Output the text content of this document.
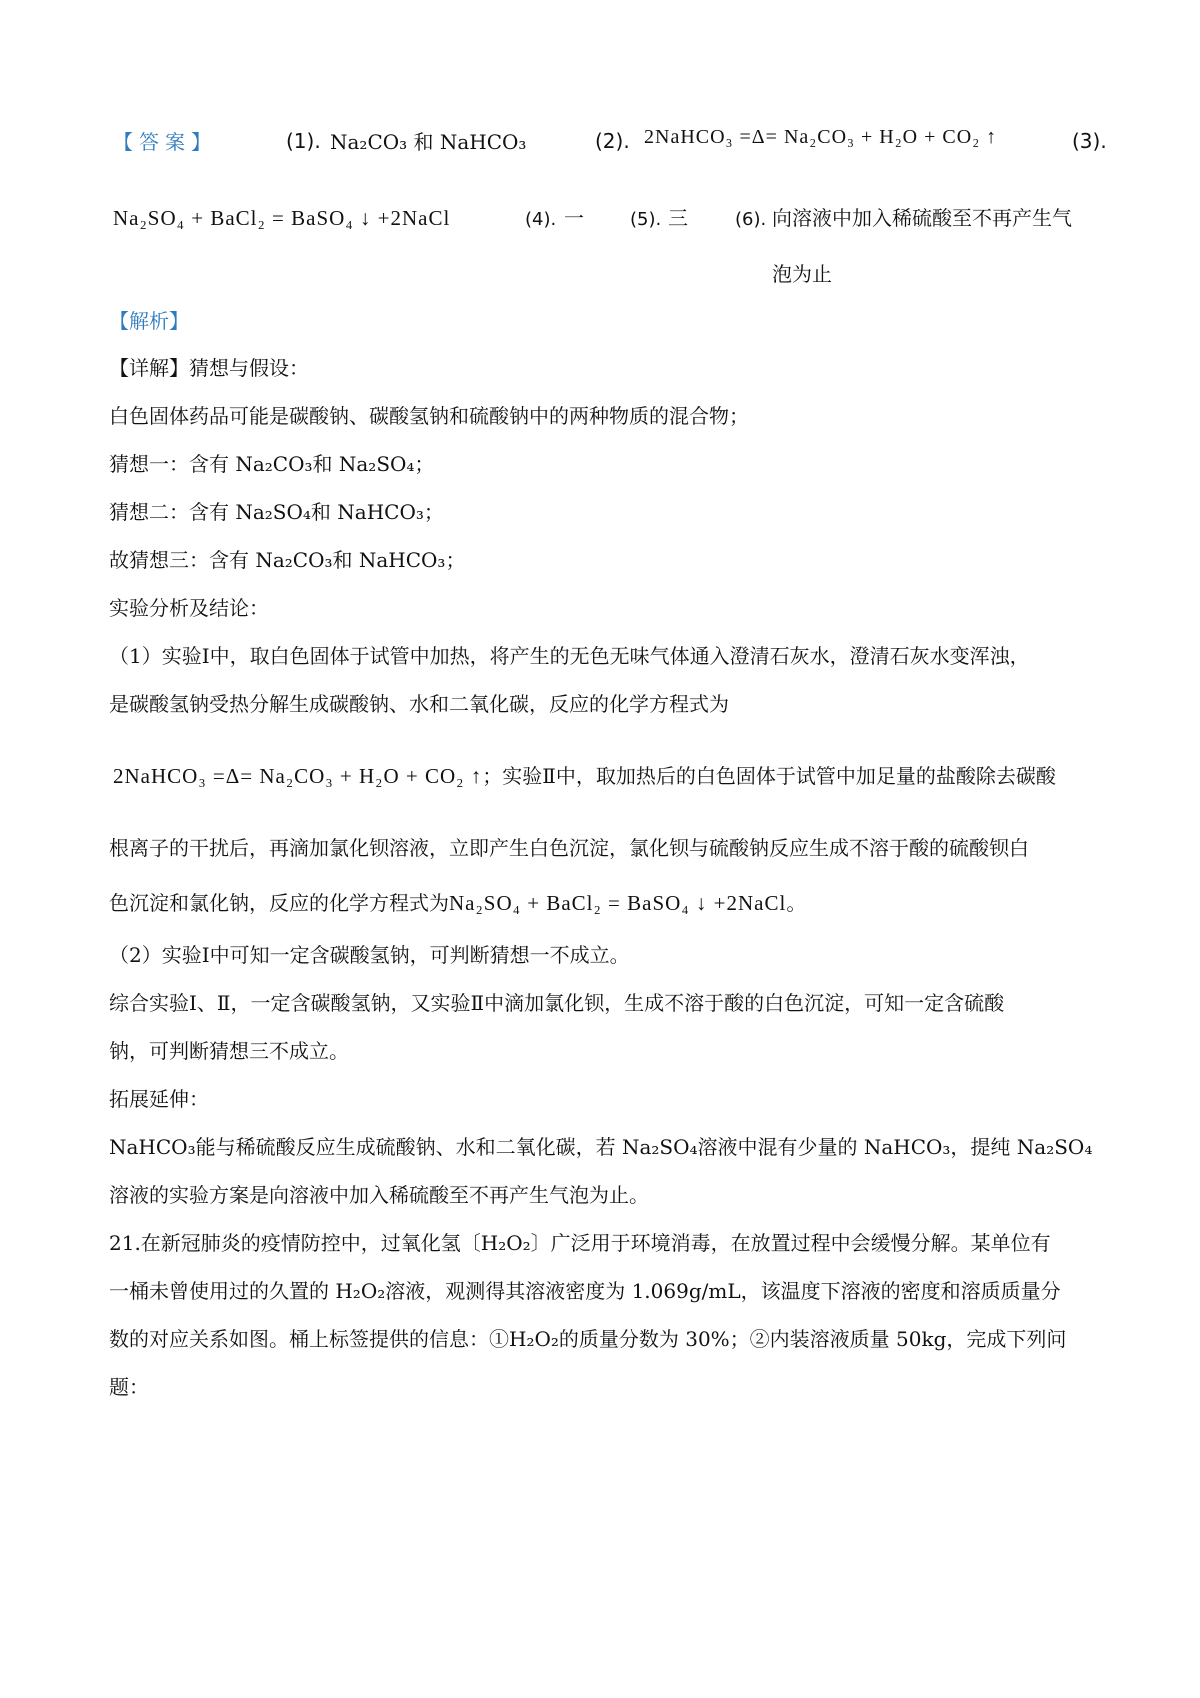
【答案】	(1). Na₂CO₃ 和 NaHCO₃	(2). 2NaHCO₃ =Δ= Na₂CO₃ + H₂O + CO₂ ↑	(3).
Na₂SO₄ + BaCl₂ = BaSO₄ ↓ +2NaCl	(4). 一	(5). 三	(6). 向溶液中加入稀硫酸至不再产生气泡为止
【解析】
【详解】猜想与假设：
白色固体药品可能是碳酸钠、碳酸氢钠和硫酸钠中的两种物质的混合物；
猜想一：含有 Na₂CO₃和 Na₂SO₄；
猜想二：含有 Na₂SO₄和 NaHCO₃；
故猜想三：含有 Na₂CO₃和 NaHCO₃；
实验分析及结论：
（1）实验Ⅰ中，取白色固体于试管中加热，将产生的无色无味气体通入澄清石灰水，澄清石灰水变浑浊，
是碳酸氢钠受热分解生成碳酸钠、水和二氧化碳，反应的化学方程式为
2NaHCO₃ =Δ= Na₂CO₃ + H₂O + CO₂ ↑；实验Ⅱ中，取加热后的白色固体于试管中加足量的盐酸除去碳酸
根离子的干扰后，再滴加氯化钡溶液，立即产生白色沉淀，氯化钡与硫酸钠反应生成不溶于酸的硫酸钡白
色沉淀和氯化钠，反应的化学方程式为Na₂SO₄ + BaCl₂ = BaSO₄ ↓ +2NaCl。
（2）实验Ⅰ中可知一定含碳酸氢钠，可判断猜想一不成立。
综合实验Ⅰ、Ⅱ，一定含碳酸氢钠，又实验Ⅱ中滴加氯化钡，生成不溶于酸的白色沉淀，可知一定含硫酸
钠，可判断猜想三不成立。
拓展延伸：
NaHCO₃能与稀硫酸反应生成硫酸钠、水和二氧化碳，若 Na₂SO₄溶液中混有少量的 NaHCO₃，提纯 Na₂SO₄
溶液的实验方案是向溶液中加入稀硫酸至不再产生气泡为止。
21.在新冠肺炎的疫情防控中，过氧化氢〔H₂O₂〕广泛用于环境消毒，在放置过程中会缓慢分解。某单位有
一桶未曾使用过的久置的 H₂O₂溶液，观测得其溶液密度为 1.069g/mL，该温度下溶液的密度和溶质质量分
数的对应关系如图。桶上标签提供的信息：①H₂O₂的质量分数为 30%；②内装溶液质量 50kg，完成下列问
题：
